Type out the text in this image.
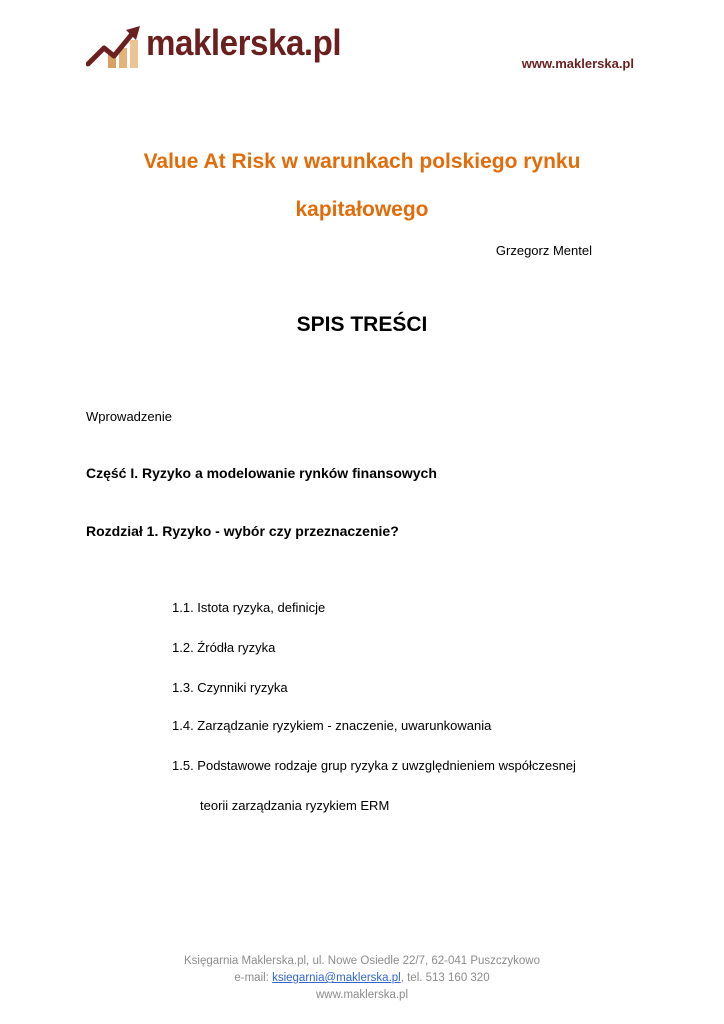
maklerska.pl
www.maklerska.pl
Value At Risk w warunkach polskiego rynku
kapitałowego
Grzegorz Mentel
SPIS TREŚCI
Wprowadzenie
Część I. Ryzyko a modelowanie rynków finansowych
Rozdział 1. Ryzyko - wybór czy przeznaczenie?
1.1. Istota ryzyka, definicje
1.2. Źródła ryzyka
1.3. Czynniki ryzyka
1.4. Zarządzanie ryzykiem - znaczenie, uwarunkowania
1.5. Podstawowe rodzaje grup ryzyka z uwzględnieniem współczesnej
teorii zarządzania ryzykiem ERM
Księgarnia Maklerska.pl, ul. Nowe Osiedle 22/7, 62-041 Puszczykowo
e-mail: ksiegarnia@maklerska.pl, tel. 513 160 320
www.maklerska.pl
